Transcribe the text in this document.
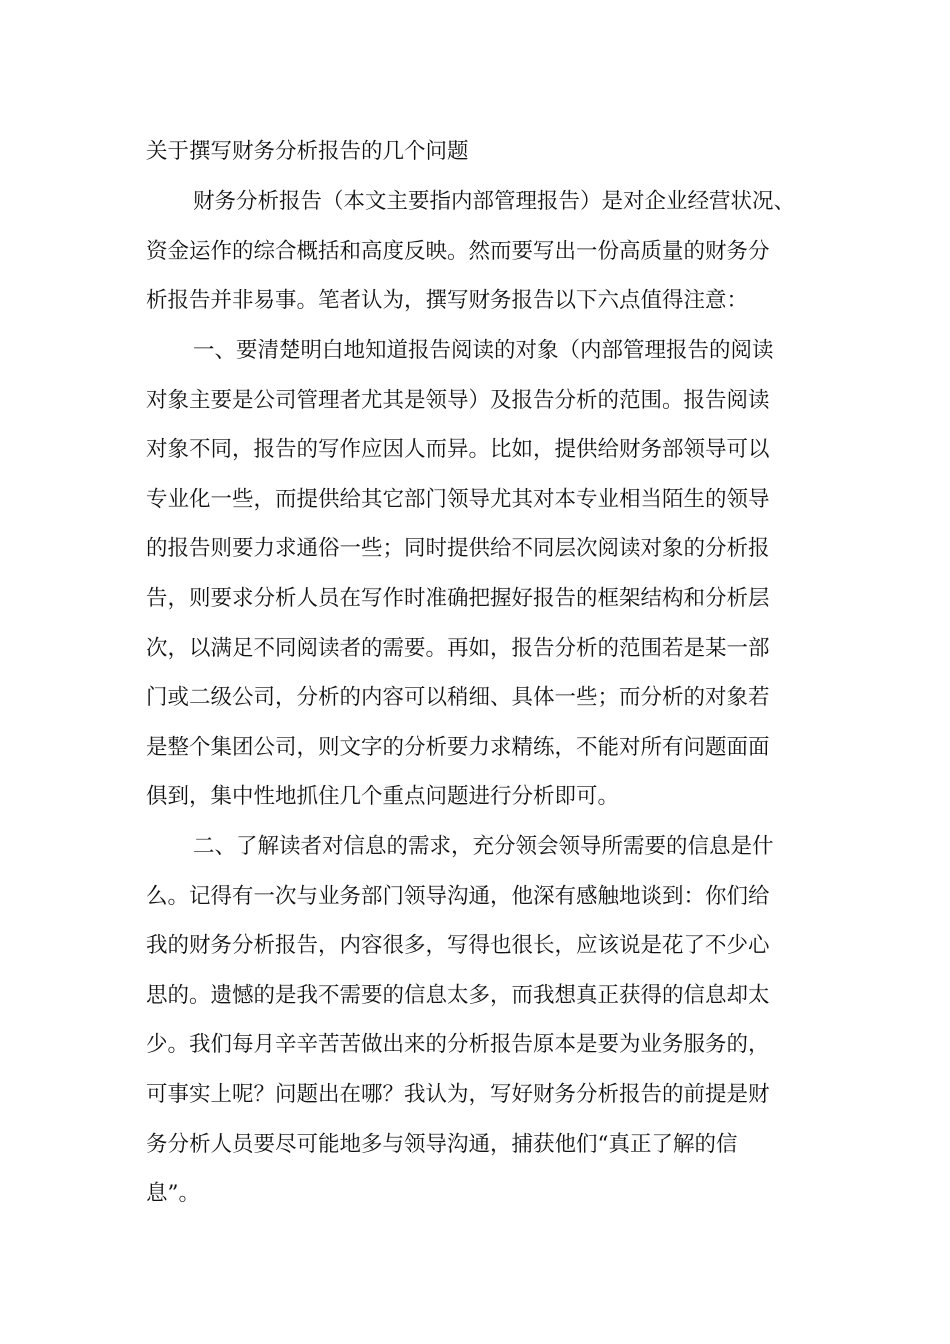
关于撰写财务分析报告的几个问题

财务分析报告（本文主要指内部管理报告）是对企业经营状况、

资金运作的综合概括和高度反映。然而要写出一份高质量的财务分

析报告并非易事。笔者认为，撰写财务报告以下六点值得注意：

一、要清楚明白地知道报告阅读的对象（内部管理报告的阅读

对象主要是公司管理者尤其是领导）及报告分析的范围。报告阅读

对象不同，报告的写作应因人而异。比如，提供给财务部领导可以

专业化一些，而提供给其它部门领导尤其对本专业相当陌生的领导

的报告则要力求通俗一些；同时提供给不同层次阅读对象的分析报

告，则要求分析人员在写作时准确把握好报告的框架结构和分析层

次，以满足不同阅读者的需要。再如，报告分析的范围若是某一部

门或二级公司，分析的内容可以稍细、具体一些；而分析的对象若

是整个集团公司，则文字的分析要力求精练，不能对所有问题面面

俱到，集中性地抓住几个重点问题进行分析即可。

二、了解读者对信息的需求，充分领会领导所需要的信息是什

么。记得有一次与业务部门领导沟通，他深有感触地谈到：你们给

我的财务分析报告，内容很多，写得也很长，应该说是花了不少心

思的。遗憾的是我不需要的信息太多，而我想真正获得的信息却太

少。我们每月辛辛苦苦做出来的分析报告原本是要为业务服务的，

可事实上呢？问题出在哪？我认为，写好财务分析报告的前提是财

务分析人员要尽可能地多与领导沟通，捕获他们“真正了解的信

息”。
